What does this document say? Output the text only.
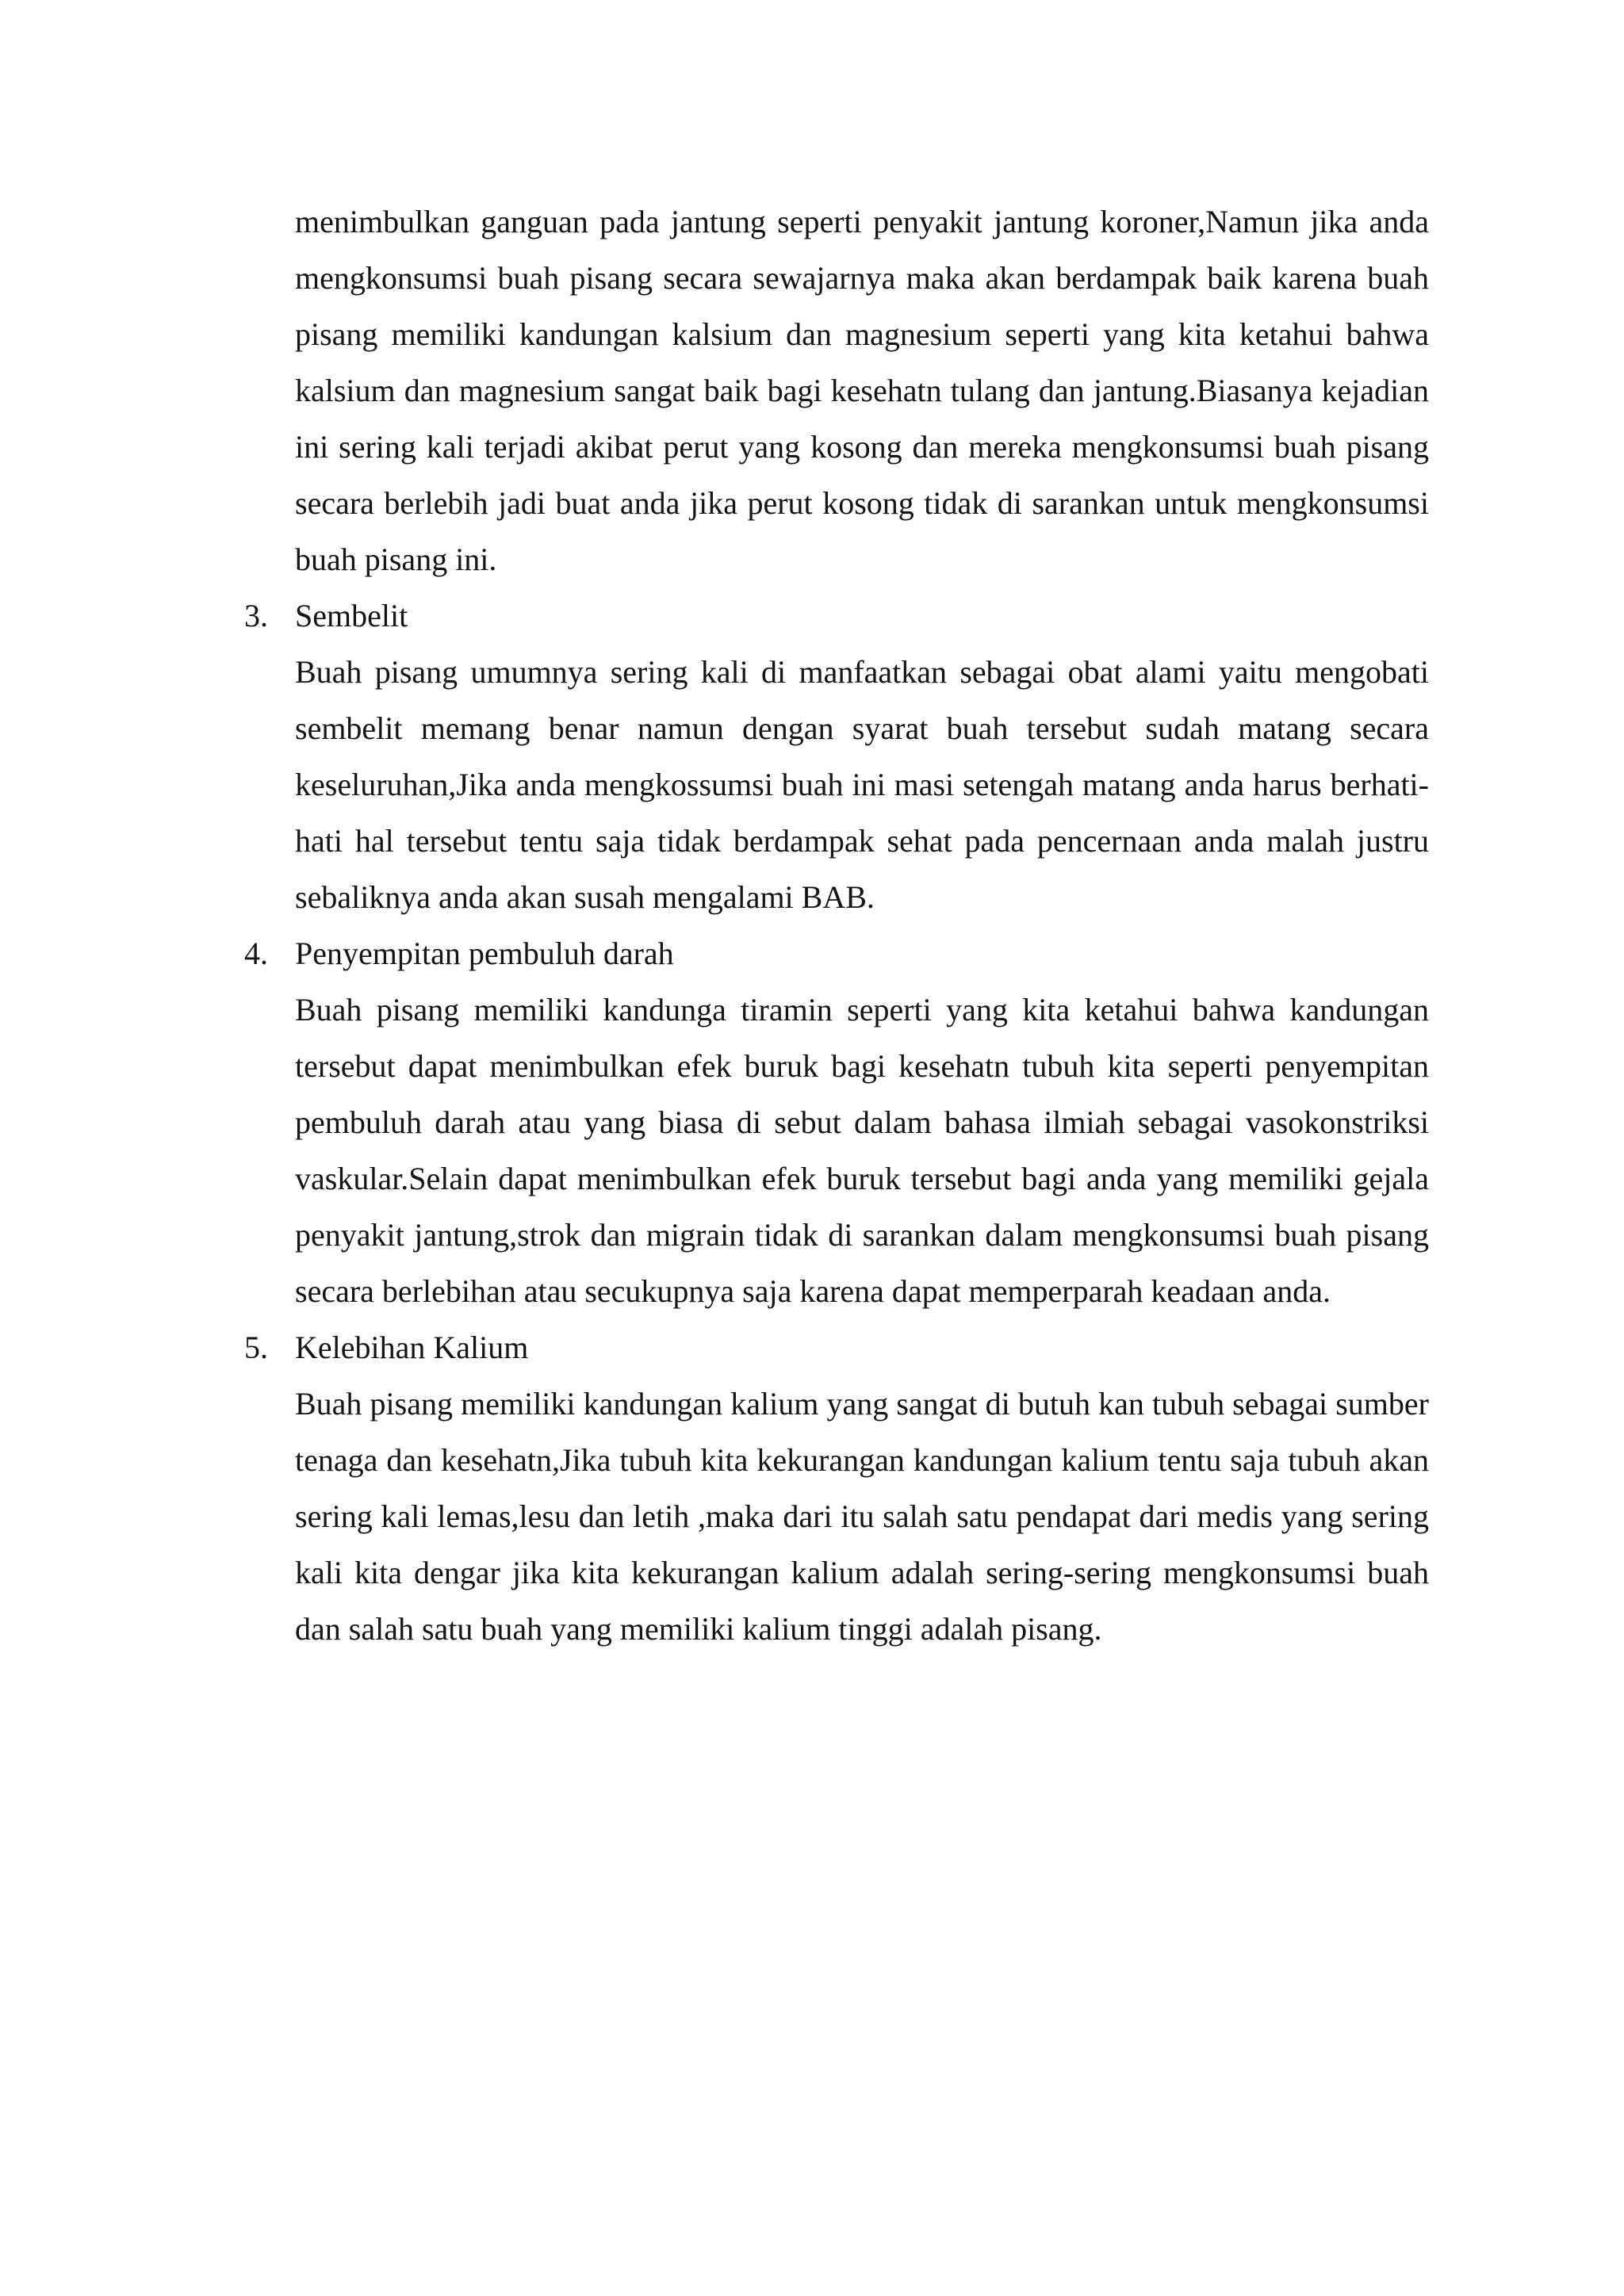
menimbulkan ganguan pada jantung seperti penyakit jantung koroner,Namun jika anda mengkonsumsi buah pisang secara sewajarnya maka akan berdampak baik karena buah pisang memiliki kandungan kalsium dan magnesium seperti yang kita ketahui bahwa kalsium dan magnesium sangat baik bagi kesehatn tulang dan jantung.Biasanya kejadian ini sering kali terjadi akibat perut yang kosong dan mereka mengkonsumsi buah pisang secara berlebih jadi buat anda jika perut kosong tidak di sarankan untuk mengkonsumsi buah pisang ini.

3. Sembelit

Buah pisang umumnya sering kali di manfaatkan sebagai obat alami yaitu mengobati sembelit memang benar namun dengan syarat buah tersebut sudah matang secara keseluruhan,Jika anda mengkossumsi buah ini masi setengah matang anda harus berhati-hati hal tersebut tentu saja tidak berdampak sehat pada pencernaan anda malah justru sebaliknya anda akan susah mengalami BAB.

4. Penyempitan pembuluh darah

Buah pisang memiliki kandunga tiramin seperti yang kita ketahui bahwa kandungan tersebut dapat menimbulkan efek buruk bagi kesehatn tubuh kita seperti penyempitan pembuluh darah atau yang biasa di sebut dalam bahasa ilmiah sebagai vasokonstriksi vaskular.Selain dapat menimbulkan efek buruk tersebut bagi anda yang memiliki gejala penyakit jantung,strok dan migrain tidak di sarankan dalam mengkonsumsi buah pisang secara berlebihan atau secukupnya saja karena dapat memperparah keadaan anda.

5. Kelebihan Kalium

Buah pisang memiliki kandungan kalium yang sangat di butuh kan tubuh sebagai sumber tenaga dan kesehatn,Jika tubuh kita kekurangan kandungan kalium tentu saja tubuh akan sering kali lemas,lesu dan letih ,maka dari itu salah satu pendapat dari medis yang sering kali kita dengar jika kita kekurangan kalium adalah sering-sering mengkonsumsi buah dan salah satu buah yang memiliki kalium tinggi adalah pisang.
